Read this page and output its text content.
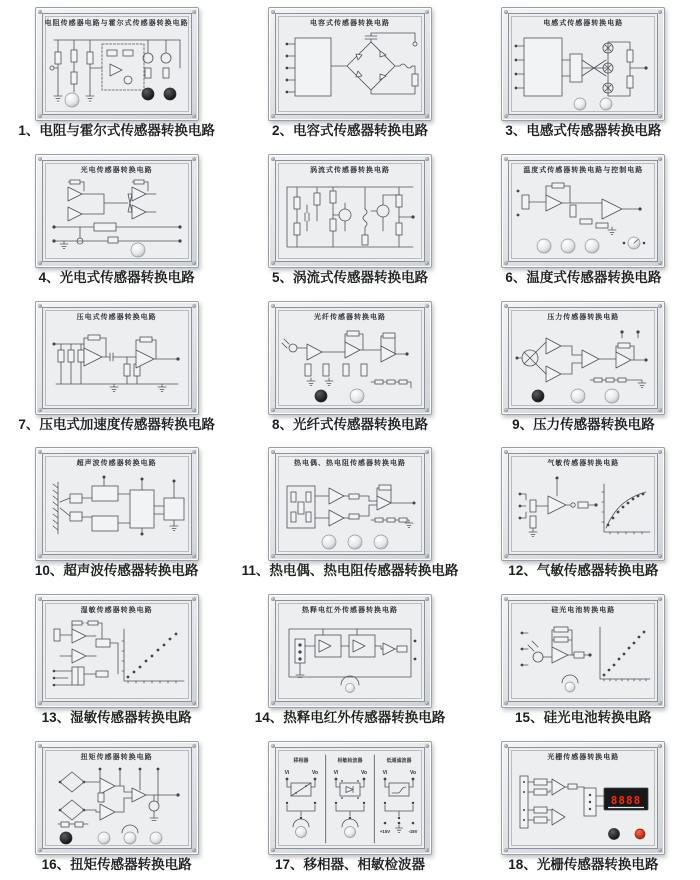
电阻传感器电路与霍尔式传感器转换电路
1、电阻与霍尔式传感器转换电路
电容式传感器转换电路
2、电容式传感器转换电路
电感式传感器转换电路
3、电感式传感器转换电路
光电传感器转换电路
4、光电式传感器转换电路
涡流式传感器转换电路
5、涡流式传感器转换电路
温度式传感器转换电路与控制电路
6、温度式传感器转换电路
压电式传感器转换电路
7、压电式加速度传感器转换电路
光纤传感器转换电路
8、光纤式传感器转换电路
压力传感器转换电路
9、压力传感器转换电路
超声波传感器转换电路
10、超声波传感器转换电路
热电偶、热电阻传感器转换电路
11、热电偶、热电阻传感器转换电路
气敏传感器转换电路
12、气敏传感器转换电路
湿敏传感器转换电路
13、湿敏传感器转换电路
热释电红外传感器转换电路
14、热释电红外传感器转换电路
硅光电池转换电路
15、硅光电池转换电路
扭矩传感器转换电路
16、扭矩传感器转换电路
移相器	相敏检波器	低通滤波器
Vi	Vo	Vi	Vo	Vi	Vo
+15V	-15V
17、移相器、相敏检波器
光栅传感器转换电路
8888
18、光栅传感器转换电路
